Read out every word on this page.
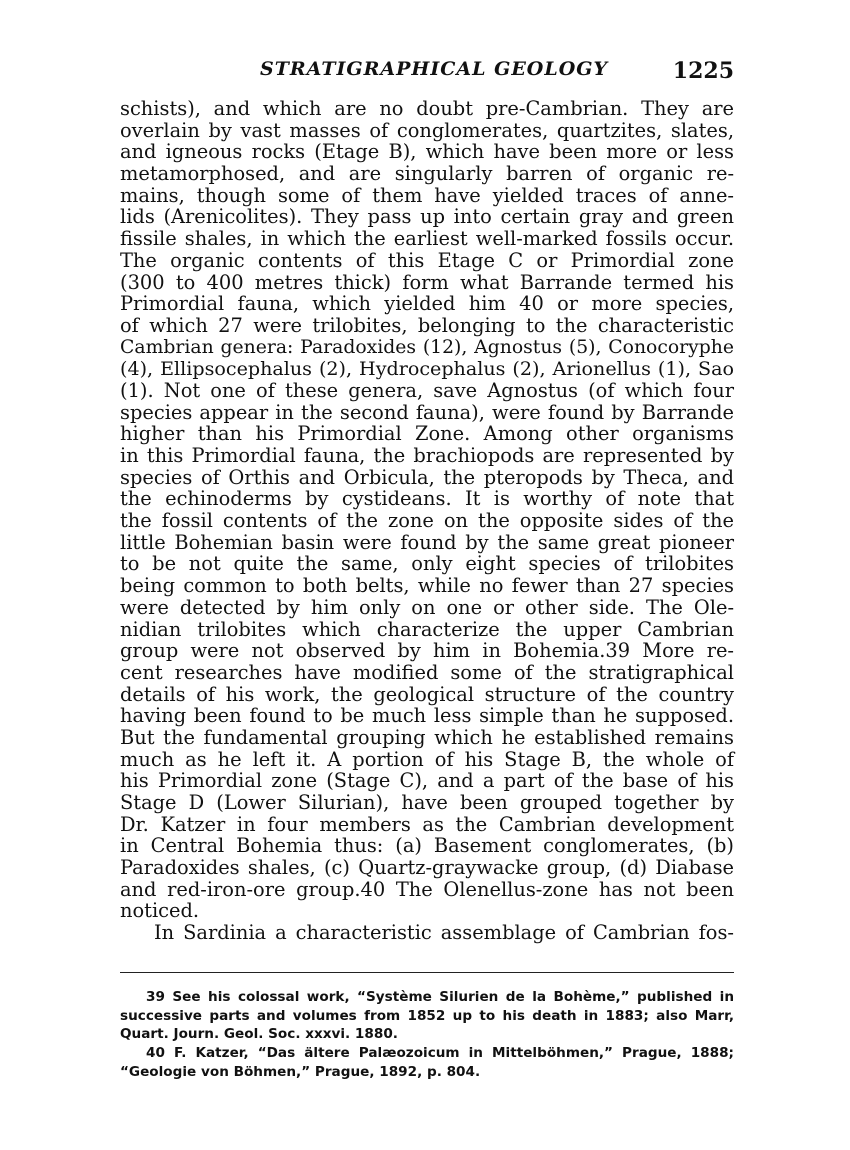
STRATIGRAPHICAL GEOLOGY	1225
schists), and which are no doubt pre-Cambrian. They are
overlain by vast masses of conglomerates, quartzites, slates,
and igneous rocks (Etage B), which have been more or less
metamorphosed, and are singularly barren of organic re-
mains, though some of them have yielded traces of anne-
lids (Arenicolites). They pass up into certain gray and green
fissile shales, in which the earliest well-marked fossils occur.
The organic contents of this Etage C or Primordial zone
(300 to 400 metres thick) form what Barrande termed his
Primordial fauna, which yielded him 40 or more species,
of which 27 were trilobites, belonging to the characteristic
Cambrian genera: Paradoxides (12), Agnostus (5), Conocoryphe
(4), Ellipsocephalus (2), Hydrocephalus (2), Arionellus (1), Sao
(1). Not one of these genera, save Agnostus (of which four
species appear in the second fauna), were found by Barrande
higher than his Primordial Zone. Among other organisms
in this Primordial fauna, the brachiopods are represented by
species of Orthis and Orbicula, the pteropods by Theca, and
the echinoderms by cystideans. It is worthy of note that
the fossil contents of the zone on the opposite sides of the
little Bohemian basin were found by the same great pioneer
to be not quite the same, only eight species of trilobites
being common to both belts, while no fewer than 27 species
were detected by him only on one or other side. The Ole-
nidian trilobites which characterize the upper Cambrian
group were not observed by him in Bohemia.39 More re-
cent researches have modified some of the stratigraphical
details of his work, the geological structure of the country
having been found to be much less simple than he supposed.
But the fundamental grouping which he established remains
much as he left it. A portion of his Stage B, the whole of
his Primordial zone (Stage C), and a part of the base of his
Stage D (Lower Silurian), have been grouped together by
Dr. Katzer in four members as the Cambrian development
in Central Bohemia thus: (a) Basement conglomerates, (b)
Paradoxides shales, (c) Quartz-graywacke group, (d) Diabase
and red-iron-ore group.40 The Olenellus-zone has not been
noticed.
In Sardinia a characteristic assemblage of Cambrian fos-
39 See his colossal work, “Système Silurien de la Bohème,” published in
successive parts and volumes from 1852 up to his death in 1883; also Marr,
Quart. Journ. Geol. Soc. xxxvi. 1880.
40 F. Katzer, “Das ältere Palæozoicum in Mittelböhmen,” Prague, 1888;
“Geologie von Böhmen,” Prague, 1892, p. 804.
